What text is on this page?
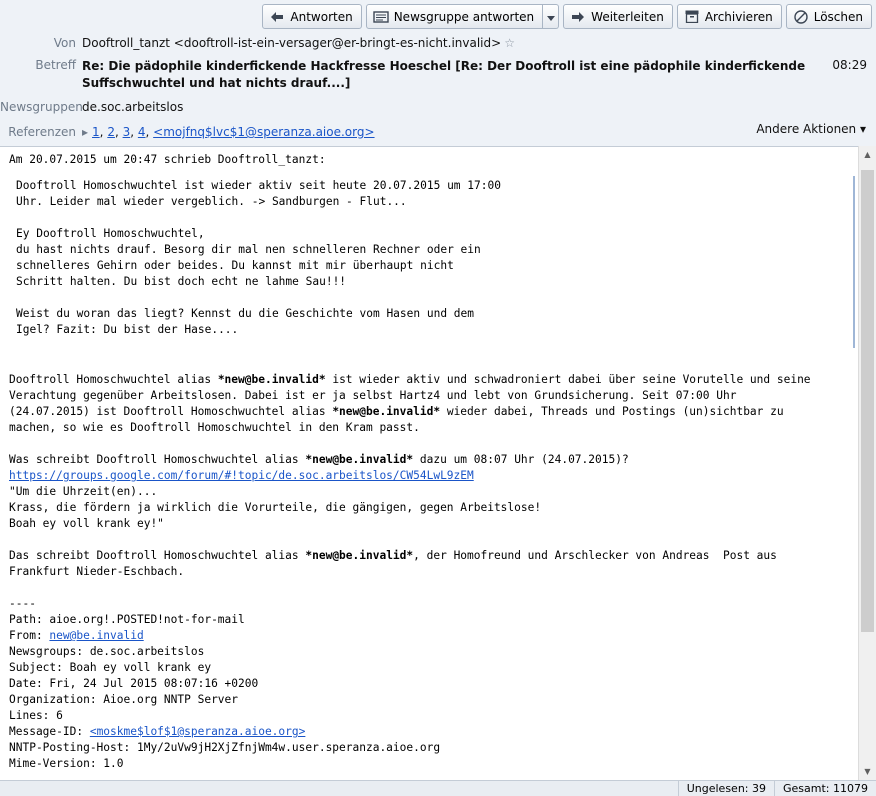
Antworten	Newsgruppe antworten	Weiterleiten	Archivieren	Löschen
Von Dooftroll_tanzt <dooftroll-ist-ein-versager@er-bringt-es-nicht.invalid> ☆
Betreff Re: Die pädophile kinderfickende Hackfresse Hoeschel [Re: Der Dooftroll ist eine pädophile kinderfickende
Suffschwuchtel und hat nichts drauf....]
08:29
Newsgruppen de.soc.arbeitslos
Referenzen ▸ 1 , 2 , 3 , 4 , <mojfnq$lvc$1@speranza.aioe.org>	Andere Aktionen ▾
Am 20.07.2015 um 20:47 schrieb Dooftroll_tanzt:
Dooftroll Homoschwuchtel ist wieder aktiv seit heute 20.07.2015 um 17:00
Uhr. Leider mal wieder vergeblich. -> Sandburgen - Flut...
Ey Dooftroll Homoschwuchtel,
du hast nichts drauf. Besorg dir mal nen schnelleren Rechner oder ein
schnelleres Gehirn oder beides. Du kannst mit mir überhaupt nicht
Schritt halten. Du bist doch echt ne lahme Sau!!!
Weist du woran das liegt? Kennst du die Geschichte vom Hasen und dem
Igel? Fazit: Du bist der Hase....
Dooftroll Homoschwuchtel alias *new@be.invalid* ist wieder aktiv und schwadroniert dabei über seine Vorutelle und seine
Verachtung gegenüber Arbeitslosen. Dabei ist er ja selbst Hartz4 und lebt von Grundsicherung. Seit 07:00 Uhr
(24.07.2015) ist Dooftroll Homoschwuchtel alias *new@be.invalid* wieder dabei, Threads und Postings (un)sichtbar zu
machen, so wie es Dooftroll Homoschwuchtel in den Kram passt.
Was schreibt Dooftroll Homoschwuchtel alias *new@be.invalid* dazu um 08:07 Uhr (24.07.2015)?
https://groups.google.com/forum/#!topic/de.soc.arbeitslos/CW54LwL9zEM
"Um die Uhrzeit(en)...
Krass, die fördern ja wirklich die Vorurteile, die gängigen, gegen Arbeitslose!
Boah ey voll krank ey!"
Das schreibt Dooftroll Homoschwuchtel alias *new@be.invalid*, der Homofreund und Arschlecker von Andreas  Post aus
Frankfurt Nieder-Eschbach.
----
Path: aioe.org!.POSTED!not-for-mail
From: new@be.invalid
Newsgroups: de.soc.arbeitslos
Subject: Boah ey voll krank ey
Date: Fri, 24 Jul 2015 08:07:16 +0200
Organization: Aioe.org NNTP Server
Lines: 6
Message-ID: <moskme$lof$1@speranza.aioe.org>
NNTP-Posting-Host: 1My/2uVw9jH2XjZfnjWm4w.user.speranza.aioe.org
Mime-Version: 1.0
▲
▼
Ungelesen: 39	Gesamt: 11079
